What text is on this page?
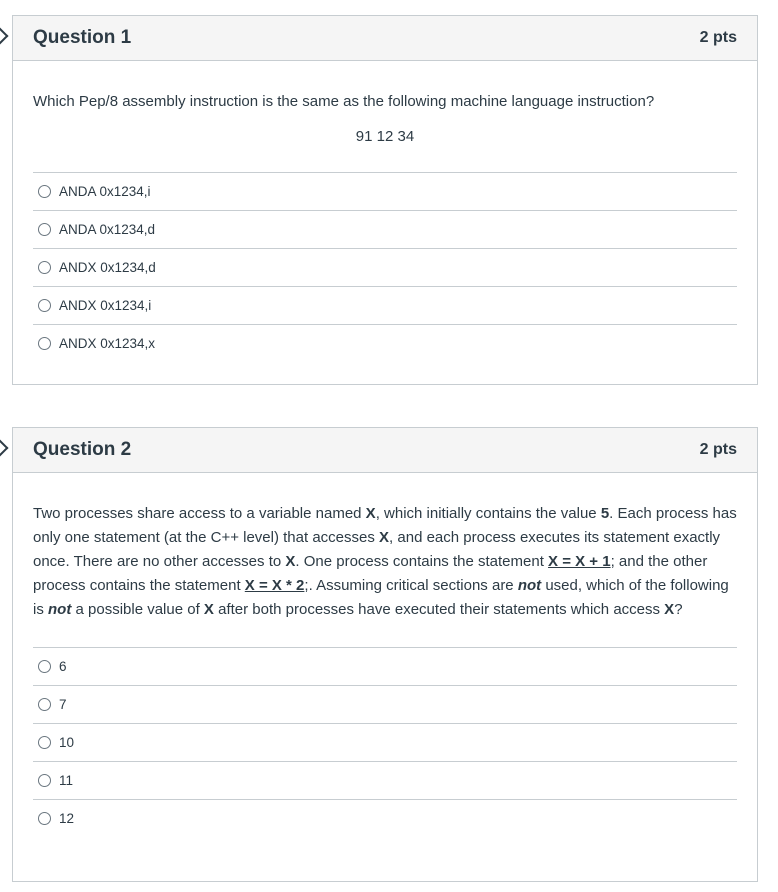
Question 1	2 pts
Which Pep/8 assembly instruction is the same as the following machine language instruction?
91 12 34
ANDA 0x1234,i
ANDA 0x1234,d
ANDX 0x1234,d
ANDX 0x1234,i
ANDX 0x1234,x
Question 2	2 pts
Two processes share access to a variable named X, which initially contains the value 5. Each process has only one statement (at the C++ level) that accesses X, and each process executes its statement exactly once. There are no other accesses to X. One process contains the statement X = X + 1; and the other process contains the statement X = X * 2;. Assuming critical sections are not used, which of the following is not a possible value of X after both processes have executed their statements which access X?
6
7
10
11
12
